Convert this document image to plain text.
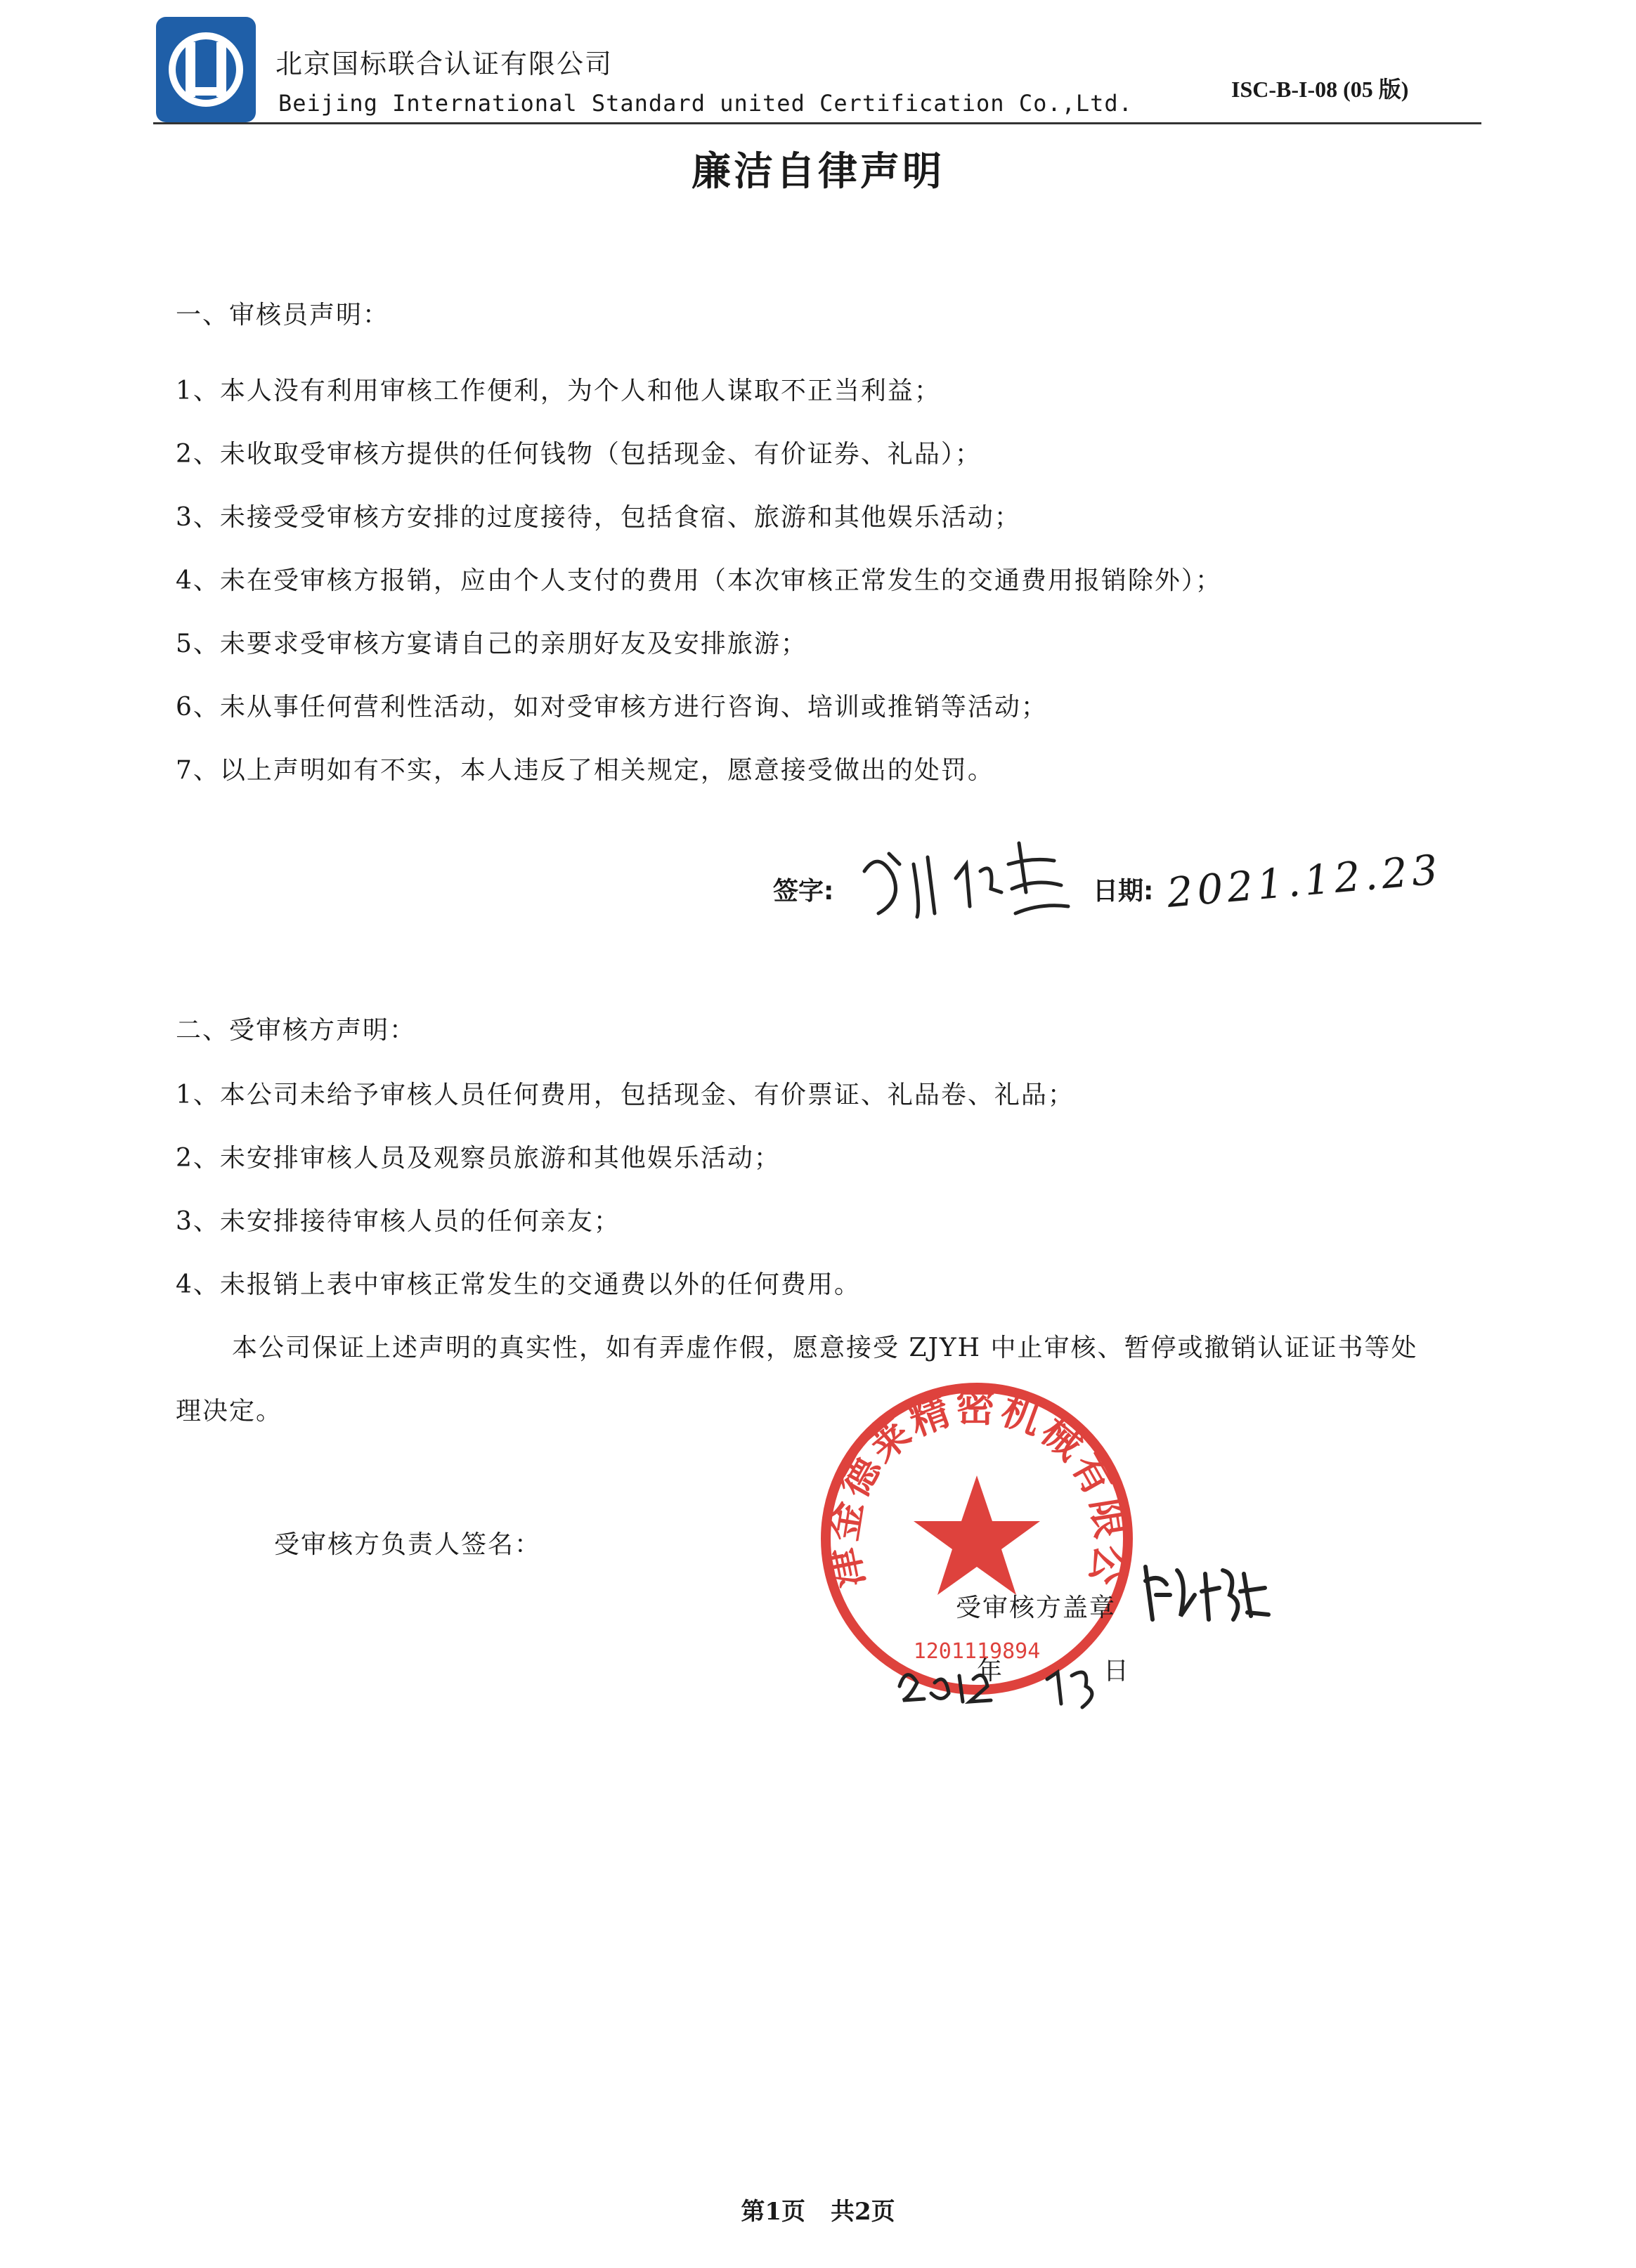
北京国标联合认证有限公司
Beijing International Standard united Certification Co.,Ltd.
ISC-B-I-08 (05 版)
廉洁自律声明
一、审核员声明：
1、本人没有利用审核工作便利，为个人和他人谋取不正当利益；
2、未收取受审核方提供的任何钱物（包括现金、有价证券、礼品）；
3、未接受受审核方安排的过度接待，包括食宿、旅游和其他娱乐活动；
4、未在受审核方报销，应由个人支付的费用（本次审核正常发生的交通费用报销除外）；
5、未要求受审核方宴请自己的亲朋好友及安排旅游；
6、未从事任何营利性活动，如对受审核方进行咨询、培训或推销等活动；
7、以上声明如有不实，本人违反了相关规定，愿意接受做出的处罚。
签字:	日期: 2021.12.23
二、受审核方声明：
1、本公司未给予审核人员任何费用，包括现金、有价票证、礼品卷、礼品；
2、未安排审核人员及观察员旅游和其他娱乐活动；
3、未安排接待审核人员的任何亲友；
4、未报销上表中审核正常发生的交通费以外的任何费用。
本公司保证上述声明的真实性，如有弄虚作假，愿意接受 ZJYH 中止审核、暂停或撤销认证证书等处
理决定。
受审核方负责人签名：	津金德莱精密机械有限公
1201119894
受审核方盖章
年	日
第1页 共2页
